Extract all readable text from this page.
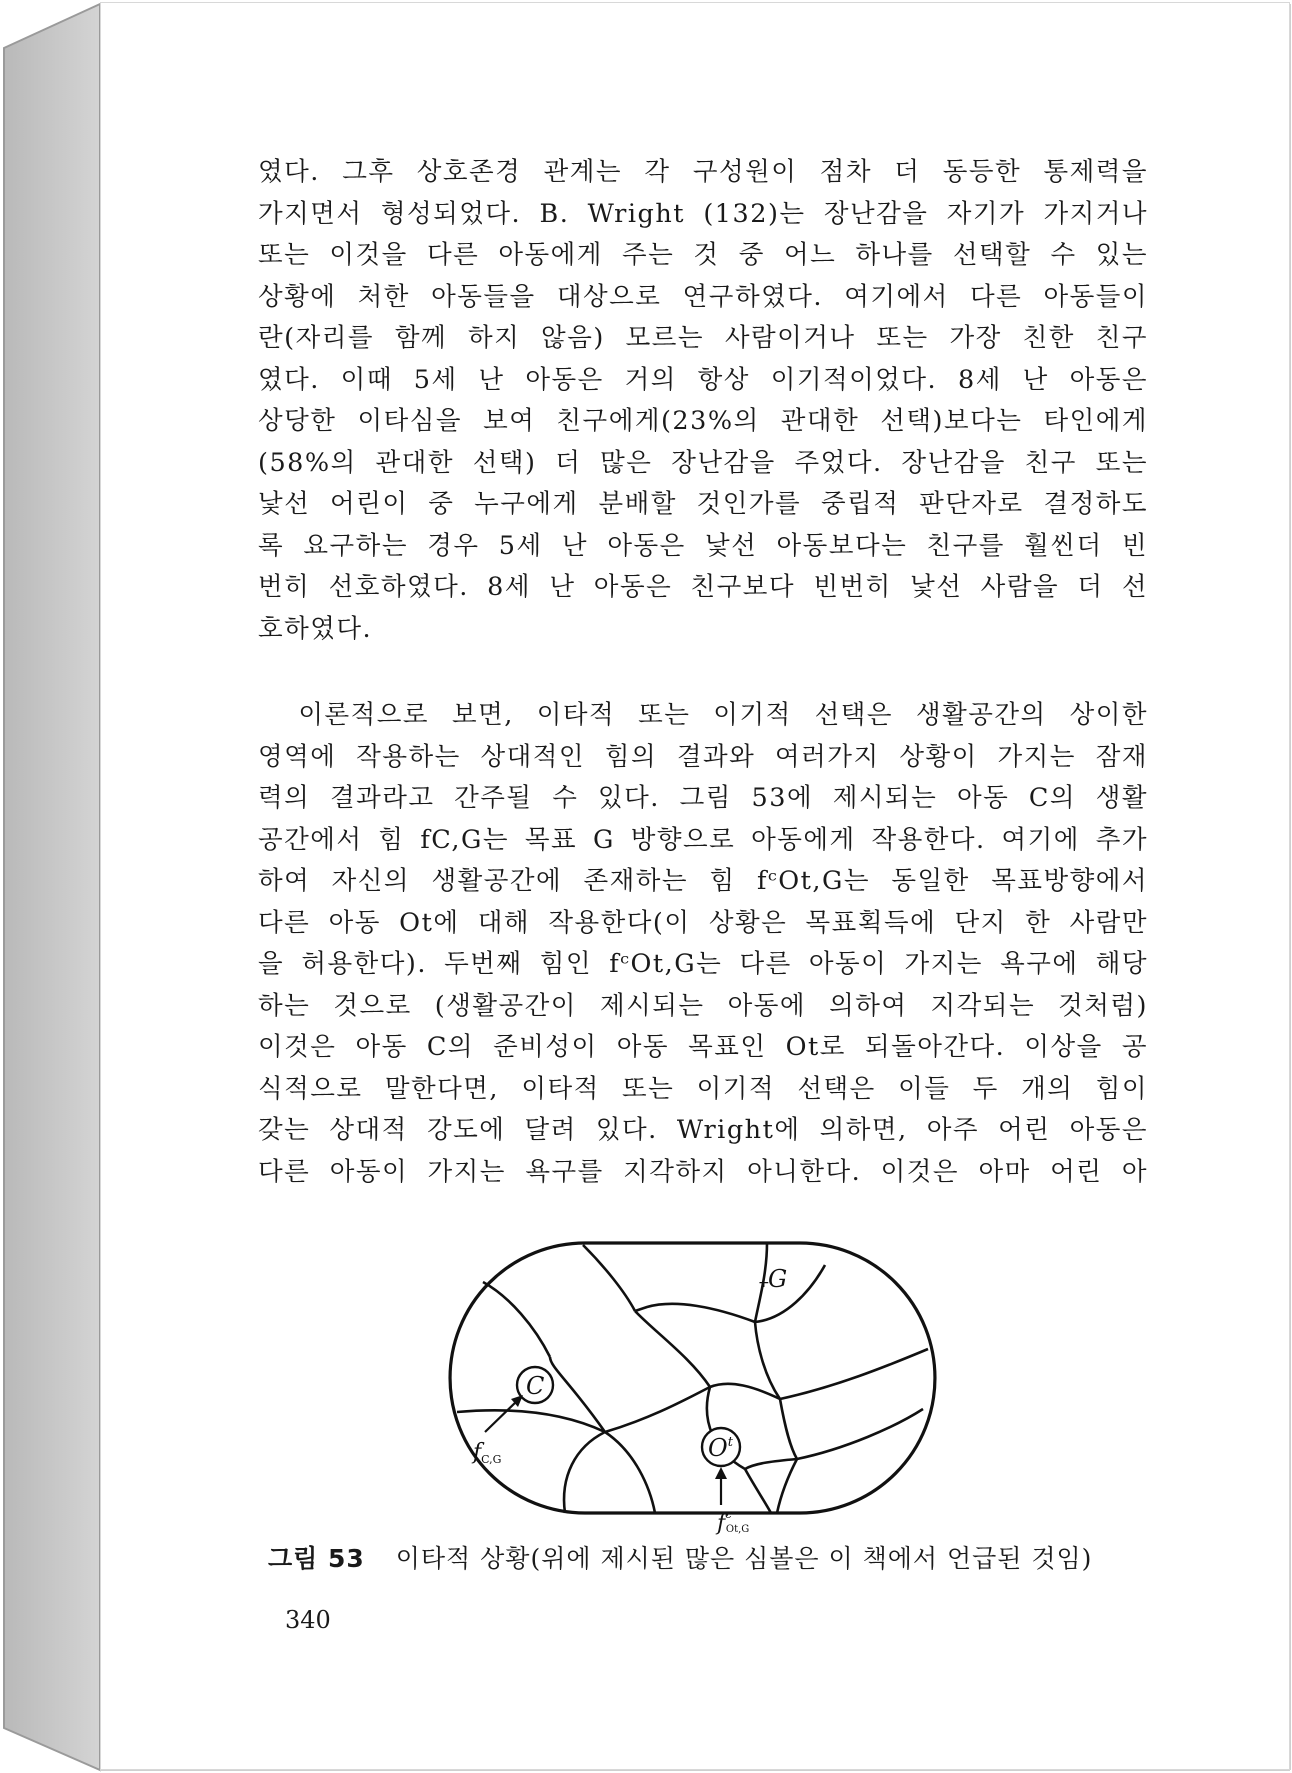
였다. 그후 상호존경 관계는 각 구성원이 점차 더 동등한 통제력을
가지면서 형성되었다. B. Wright (132)는 장난감을 자기가 가지거나
또는 이것을 다른 아동에게 주는 것 중 어느 하나를 선택할 수 있는
상황에 처한 아동들을 대상으로 연구하였다. 여기에서 다른 아동들이
란(자리를 함께 하지 않음) 모르는 사람이거나 또는 가장 친한 친구
였다. 이때 5세 난 아동은 거의 항상 이기적이었다. 8세 난 아동은
상당한 이타심을 보여 친구에게(23%의 관대한 선택)보다는 타인에게
(58%의 관대한 선택) 더 많은 장난감을 주었다. 장난감을 친구 또는
낯선 어린이 중 누구에게 분배할 것인가를 중립적 판단자로 결정하도
록 요구하는 경우 5세 난 아동은 낯선 아동보다는 친구를 훨씬더 빈
번히 선호하였다. 8세 난 아동은 친구보다 빈번히 낯선 사람을 더 선
호하였다.
　이론적으로 보면, 이타적 또는 이기적 선택은 생활공간의 상이한
영역에 작용하는 상대적인 힘의 결과와 여러가지 상황이 가지는 잠재
력의 결과라고 간주될 수 있다. 그림 53에 제시되는 아동 C의 생활
공간에서 힘 fC,G는 목표 G 방향으로 아동에게 작용한다. 여기에 추가
하여 자신의 생활공간에 존재하는 힘 fᶜOt,G는 동일한 목표방향에서
다른 아동 Ot에 대해 작용한다(이 상황은 목표획득에 단지 한 사람만
을 허용한다). 두번째 힘인 fᶜOt,G는 다른 아동이 가지는 욕구에 해당
하는 것으로 (생활공간이 제시되는 아동에 의하여 지각되는 것처럼)
이것은 아동 C의 준비성이 아동 목표인 Ot로 되돌아간다. 이상을 공
식적으로 말한다면, 이타적 또는 이기적 선택은 이들 두 개의 힘이
갖는 상대적 강도에 달려 있다. Wright에 의하면, 아주 어린 아동은
다른 아동이 가지는 욕구를 지각하지 아니한다. 이것은 아마 어린 아
+
G
C
fC,G	$O^t$
$f^c$ Ot,G
그림 53 이타적 상황(위에 제시된 많은 심볼은 이 책에서 언급된 것임)
340
